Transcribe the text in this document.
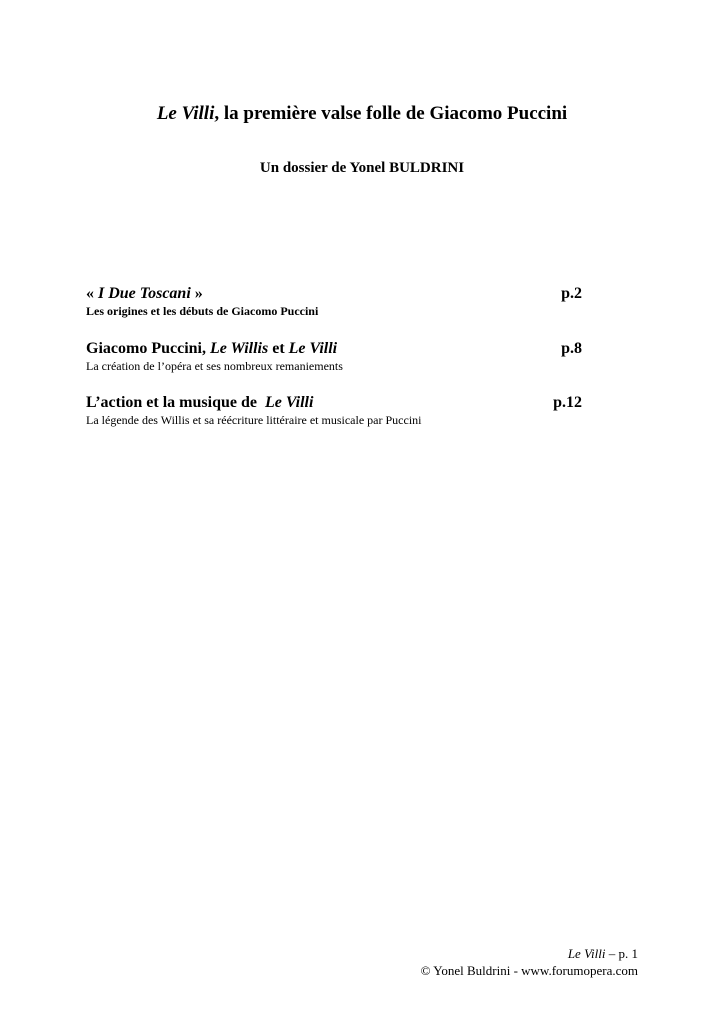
Le Villi, la première valse folle de Giacomo Puccini
Un dossier de Yonel BULDRINI
« I Due Toscani »	p.2
Les origines et les débuts de Giacomo Puccini
Giacomo Puccini, Le Willis et Le Villi	p.8
La création de l’opéra et ses nombreux remaniements
L’action et la musique de  Le Villi	p.12
La légende des Willis et sa réécriture littéraire et musicale par Puccini
Le Villi – p. 1
© Yonel Buldrini - www.forumopera.com
